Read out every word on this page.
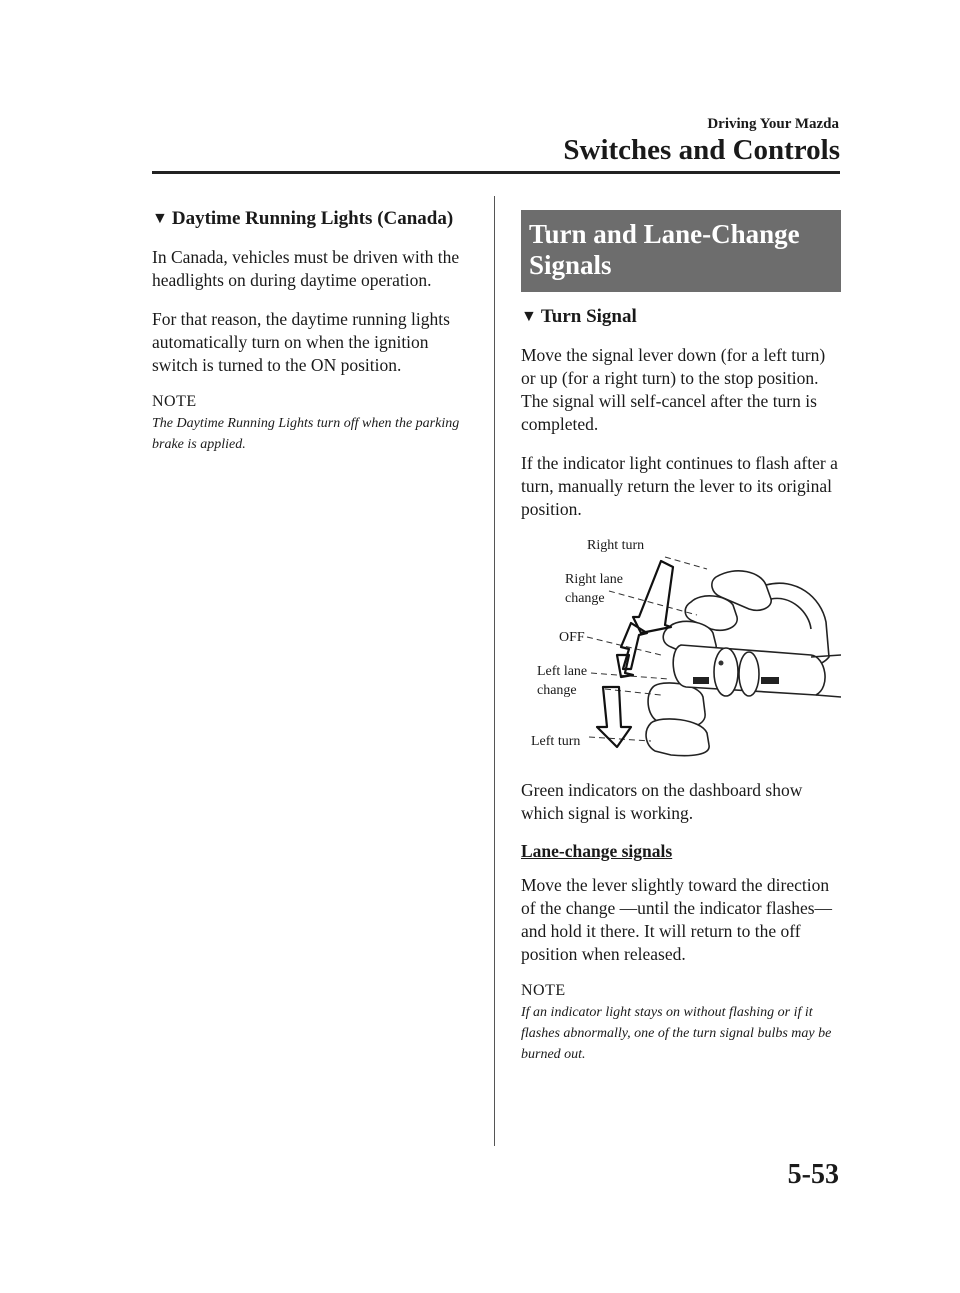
Driving Your Mazda
Switches and Controls
▼ Daytime Running Lights (Canada)

In Canada, vehicles must be driven with the headlights on during daytime operation.

For that reason, the daytime running lights automatically turn on when the ignition switch is turned to the ON position.

NOTE

The Daytime Running Lights turn off when the parking brake is applied.

Turn and Lane-Change Signals
▼ Turn Signal

Move the signal lever down (for a left turn) or up (for a right turn) to the stop position. The signal will self-cancel after the turn is completed.

If the indicator light continues to flash after a turn, manually return the lever to its original position.

Right turn
Right lane
change
OFF
Left lane
change
Left turn

Green indicators on the dashboard show which signal is working.

Lane-change signals

Move the lever slightly toward the direction of the change ―until the indicator flashes― and hold it there. It will return to the off position when released.

NOTE

If an indicator light stays on without flashing or if it flashes abnormally, one of the turn signal bulbs may be burned out.

5-53
